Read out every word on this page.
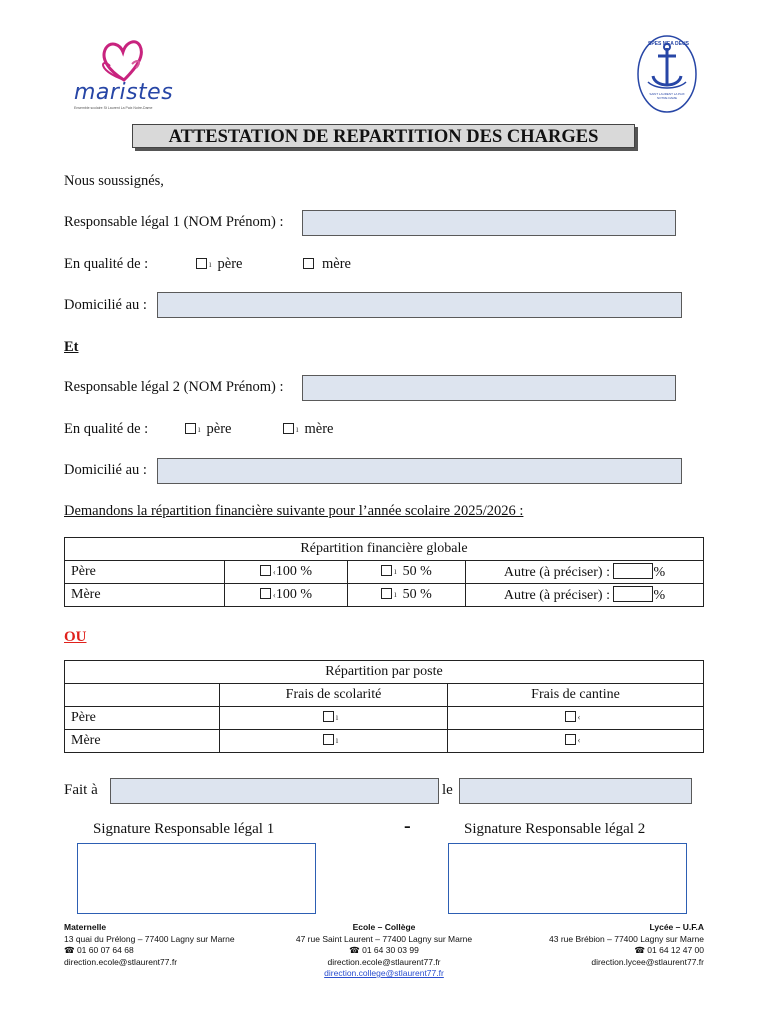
maristes
Ensemble scolaire St Laurent La Paix Notre-Dame
SPES MEA DEUS
SAINT LAURENT LA PAIX NOTRE DAME
ATTESTATION DE REPARTITION DES CHARGES
Nous soussignés,
Responsable légal 1 (NOM Prénom) :
En qualité de :	ı père	mère
Domicilié au :
Et
Responsable légal 2 (NOM Prénom) :
En qualité de :	ı père	ı mère
Domicilié au :
Demandons la répartition financière suivante pour l’année scolaire 2025/2026 :
Répartition financière globale			
Père	‹100 %	ı 50 %	Autre (à préciser) : %
Mère	‹100 %	ı 50 %	Autre (à préciser) : %
OU
Répartition par poste		
	Frais de scolarité	Frais de cantine
Père	ı	‹
Mère	ı	‹
Fait à	le
Signature Responsable légal 1	-	Signature Responsable légal 2
Maternelle
13 quai du Prélong – 77400 Lagny sur Marne
☎ 01 60 07 64 68
direction.ecole@stlaurent77.fr
Ecole – Collège
47 rue Saint Laurent – 77400 Lagny sur Marne
☎ 01 64 30 03 99
direction.ecole@stlaurent77.fr
direction.college@stlaurent77.fr
Lycée – U.F.A
43 rue Brébion – 77400 Lagny sur Marne
☎ 01 64 12 47 00
direction.lycee@stlaurent77.fr
